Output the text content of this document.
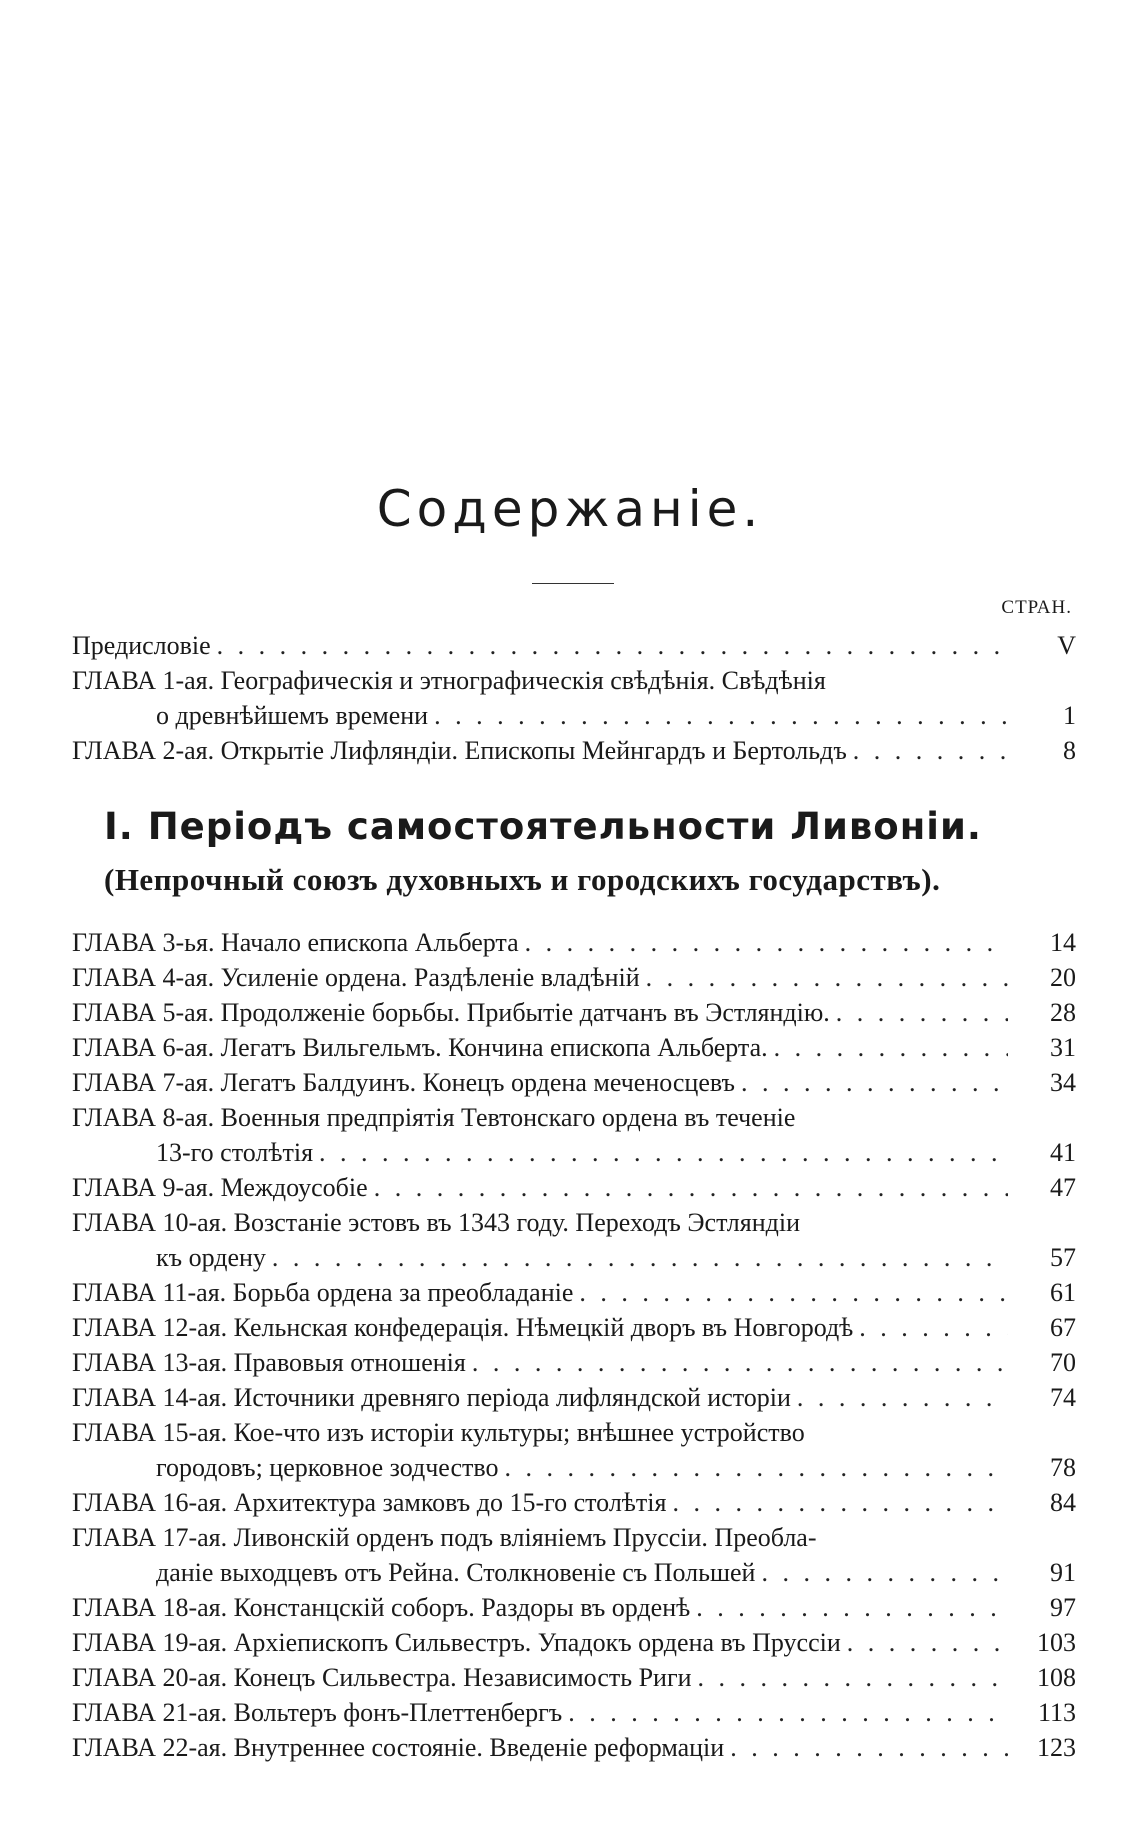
Содержаніе.
СТРАН.
Предисловіе . . .	V
ГЛАВА 1-ая. Географическія и этнографическія свѣдѣнія. Свѣдѣнія
о древнѣйшемъ времени . . .	1
ГЛАВА 2-ая. Открытіе Лифляндіи. Епископы Мейнгардъ и Бертольдъ . . .	8
I. Періодъ самостоятельности Ливоніи.
(Непрочный союзъ духовныхъ и городскихъ государствъ).
ГЛАВА 3-ья. Начало епископа Альберта . . .	14
ГЛАВА 4-ая. Усиленіе ордена. Раздѣленіе владѣній . . .	20
ГЛАВА 5-ая. Продолженіе борьбы. Прибытіе датчанъ въ Эстляндію. . . .	28
ГЛАВА 6-ая. Легатъ Вильгельмъ. Кончина епископа Альберта. . . .	31
ГЛАВА 7-ая. Легатъ Балдуинъ. Конецъ ордена меченосцевъ . . .	34
ГЛАВА 8-ая. Военныя предпріятія Тевтонскаго ордена въ теченіе
13-го столѣтія . . .	41
ГЛАВА 9-ая. Междоусобіе . . .	47
ГЛАВА 10-ая. Возстаніе эстовъ въ 1343 году. Переходъ Эстляндіи
къ ордену . . .	57
ГЛАВА 11-ая. Борьба ордена за преобладаніе . . .	61
ГЛАВА 12-ая. Кельнская конфедерація. Нѣмецкій дворъ въ Новгородѣ . . .	67
ГЛАВА 13-ая. Правовыя отношенія . . .	70
ГЛАВА 14-ая. Источники древняго періода лифляндской исторіи . . .	74
ГЛАВА 15-ая. Кое-что изъ исторіи культуры; внѣшнее устройство
городовъ; церковное зодчество . . .	78
ГЛАВА 16-ая. Архитектура замковъ до 15-го столѣтія . . .	84
ГЛАВА 17-ая. Ливонскій орденъ подъ вліяніемъ Пруссіи. Преобла-
даніе выходцевъ отъ Рейна. Столкновеніе съ Польшей . . .	91
ГЛАВА 18-ая. Констанцскій соборъ. Раздоры въ орденѣ . . .	97
ГЛАВА 19-ая. Архіепископъ Сильвестръ. Упадокъ ордена въ Пруссіи . . .	103
ГЛАВА 20-ая. Конецъ Сильвестра. Независимость Риги . . .	108
ГЛАВА 21-ая. Вольтеръ фонъ-Плеттенбергъ . . .	113
ГЛАВА 22-ая. Внутреннее состояніе. Введеніе реформаціи . . .	123
